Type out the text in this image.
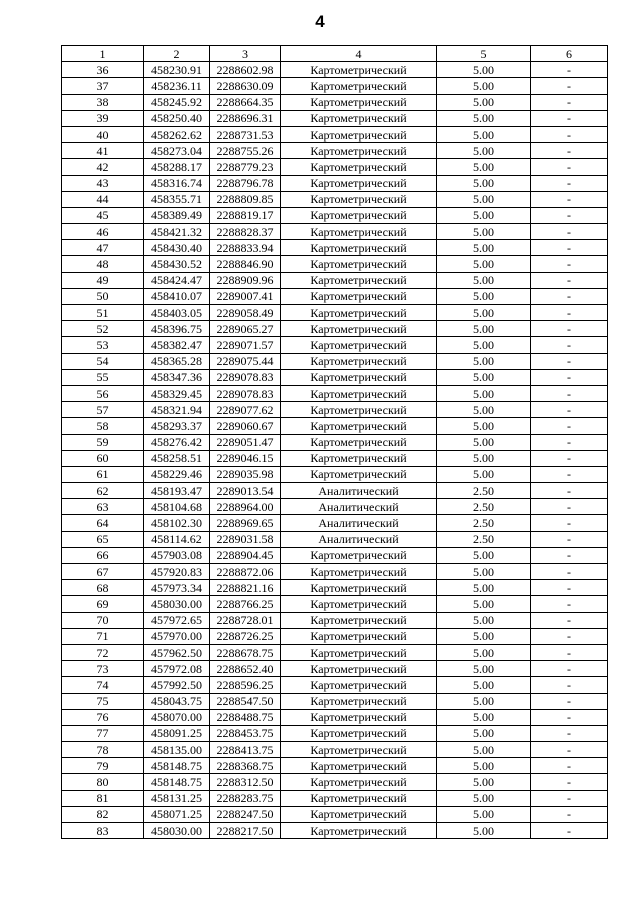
4
1	2	3	4	5	6
36	458230.91	2288602.98	Картометрический	5.00	-
37	458236.11	2288630.09	Картометрический	5.00	-
38	458245.92	2288664.35	Картометрический	5.00	-
39	458250.40	2288696.31	Картометрический	5.00	-
40	458262.62	2288731.53	Картометрический	5.00	-
41	458273.04	2288755.26	Картометрический	5.00	-
42	458288.17	2288779.23	Картометрический	5.00	-
43	458316.74	2288796.78	Картометрический	5.00	-
44	458355.71	2288809.85	Картометрический	5.00	-
45	458389.49	2288819.17	Картометрический	5.00	-
46	458421.32	2288828.37	Картометрический	5.00	-
47	458430.40	2288833.94	Картометрический	5.00	-
48	458430.52	2288846.90	Картометрический	5.00	-
49	458424.47	2288909.96	Картометрический	5.00	-
50	458410.07	2289007.41	Картометрический	5.00	-
51	458403.05	2289058.49	Картометрический	5.00	-
52	458396.75	2289065.27	Картометрический	5.00	-
53	458382.47	2289071.57	Картометрический	5.00	-
54	458365.28	2289075.44	Картометрический	5.00	-
55	458347.36	2289078.83	Картометрический	5.00	-
56	458329.45	2289078.83	Картометрический	5.00	-
57	458321.94	2289077.62	Картометрический	5.00	-
58	458293.37	2289060.67	Картометрический	5.00	-
59	458276.42	2289051.47	Картометрический	5.00	-
60	458258.51	2289046.15	Картометрический	5.00	-
61	458229.46	2289035.98	Картометрический	5.00	-
62	458193.47	2289013.54	Аналитический	2.50	-
63	458104.68	2288964.00	Аналитический	2.50	-
64	458102.30	2288969.65	Аналитический	2.50	-
65	458114.62	2289031.58	Аналитический	2.50	-
66	457903.08	2288904.45	Картометрический	5.00	-
67	457920.83	2288872.06	Картометрический	5.00	-
68	457973.34	2288821.16	Картометрический	5.00	-
69	458030.00	2288766.25	Картометрический	5.00	-
70	457972.65	2288728.01	Картометрический	5.00	-
71	457970.00	2288726.25	Картометрический	5.00	-
72	457962.50	2288678.75	Картометрический	5.00	-
73	457972.08	2288652.40	Картометрический	5.00	-
74	457992.50	2288596.25	Картометрический	5.00	-
75	458043.75	2288547.50	Картометрический	5.00	-
76	458070.00	2288488.75	Картометрический	5.00	-
77	458091.25	2288453.75	Картометрический	5.00	-
78	458135.00	2288413.75	Картометрический	5.00	-
79	458148.75	2288368.75	Картометрический	5.00	-
80	458148.75	2288312.50	Картометрический	5.00	-
81	458131.25	2288283.75	Картометрический	5.00	-
82	458071.25	2288247.50	Картометрический	5.00	-
83	458030.00	2288217.50	Картометрический	5.00	-
